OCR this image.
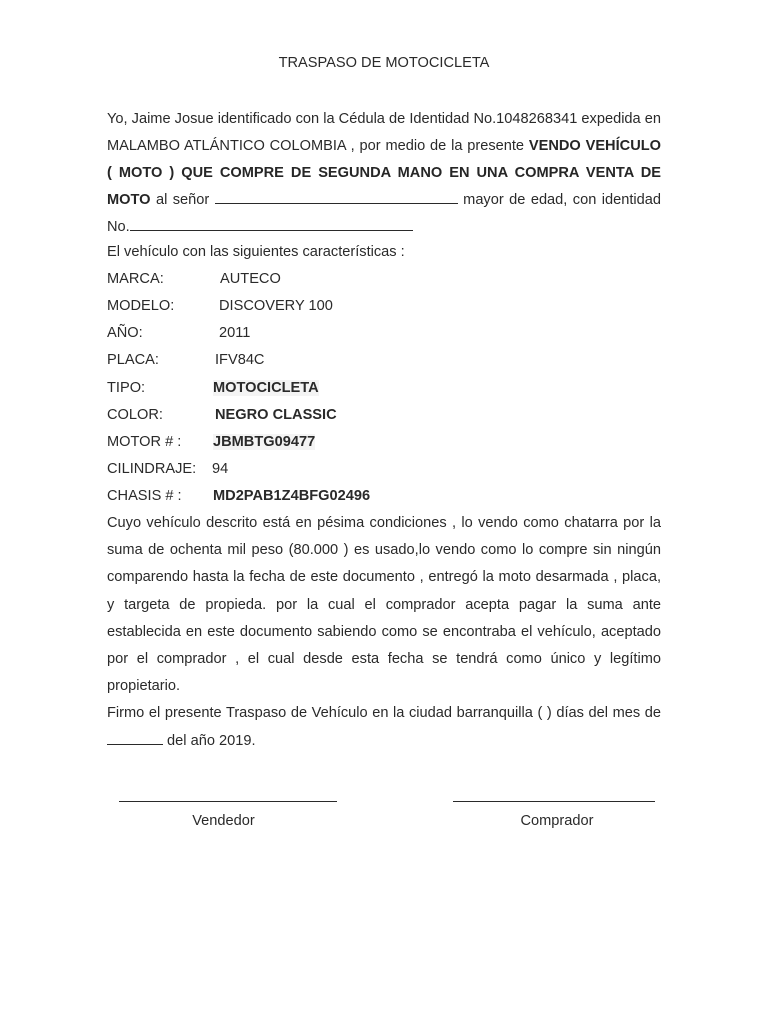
TRASPASO DE MOTOCICLETA
Yo, Jaime Josue identificado con la Cédula de Identidad No.1048268341 expedida en MALAMBO ATLÁNTICO COLOMBIA , por medio de la presente VENDO VEHÍCULO ( MOTO ) QUE COMPRE DE SEGUNDA MANO EN UNA COMPRA VENTA DE MOTO al señor	mayor de edad, con identidad No.
El vehículo con las siguientes características :
MARCA:	AUTECO
MODELO:	DISCOVERY 100
AÑO:	2011
PLACA:	IFV84C
TIPO:	MOTOCICLETA
COLOR:	NEGRO CLASSIC
MOTOR # : JBMBTG09477
CILINDRAJE: 94
CHASIS # : MD2PAB1Z4BFG02496
Cuyo vehículo descrito está en pésima condiciones , lo vendo como chatarra por la suma de ochenta mil peso (80.000 ) es usado,lo vendo como lo compre sin ningún comparendo hasta la fecha de este documento , entregó la moto desarmada , placa, y targeta de propieda. por la cual el comprador acepta pagar la suma ante establecida en este documento sabiendo como se encontraba el vehículo, aceptado por el comprador , el cual desde esta fecha se tendrá como único y legítimo propietario.
Firmo el presente Traspaso de Vehículo en la ciudad barranquilla ( ) días del mes de  del año 2019.
Vendedor	Comprador
